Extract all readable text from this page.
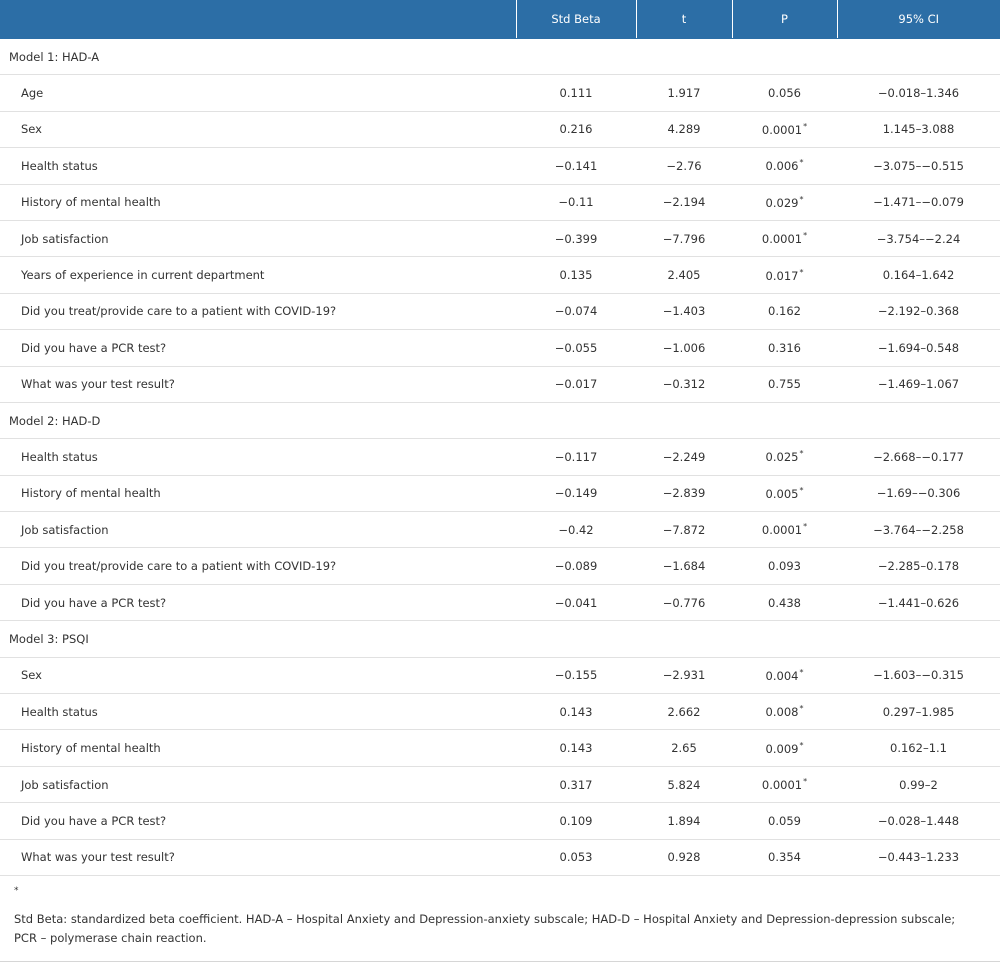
	Std Beta	t	P	95% CI
Model 1: HAD-A				
Age	0.111	1.917	0.056	−0.018–1.346
Sex	0.216	4.289	0.0001*	1.145–3.088
Health status	−0.141	−2.76	0.006*	−3.075–−0.515
History of mental health	−0.11	−2.194	0.029*	−1.471–−0.079
Job satisfaction	−0.399	−7.796	0.0001*	−3.754–−2.24
Years of experience in current department	0.135	2.405	0.017*	0.164–1.642
Did you treat/provide care to a patient with COVID-19?	−0.074	−1.403	0.162	−2.192–0.368
Did you have a PCR test?	−0.055	−1.006	0.316	−1.694–0.548
What was your test result?	−0.017	−0.312	0.755	−1.469–1.067
Model 2: HAD-D				
Health status	−0.117	−2.249	0.025*	−2.668–−0.177
History of mental health	−0.149	−2.839	0.005*	−1.69–−0.306
Job satisfaction	−0.42	−7.872	0.0001*	−3.764–−2.258
Did you treat/provide care to a patient with COVID-19?	−0.089	−1.684	0.093	−2.285–0.178
Did you have a PCR test?	−0.041	−0.776	0.438	−1.441–0.626
Model 3: PSQI				
Sex	−0.155	−2.931	0.004*	−1.603–−0.315
Health status	0.143	2.662	0.008*	0.297–1.985
History of mental health	0.143	2.65	0.009*	0.162–1.1
Job satisfaction	0.317	5.824	0.0001*	0.99–2
Did you have a PCR test?	0.109	1.894	0.059	−0.028–1.448
What was your test result?	0.053	0.928	0.354	−0.443–1.233
*
Std Beta: standardized beta coefficient. HAD-A – Hospital Anxiety and Depression-anxiety subscale; HAD-D – Hospital Anxiety and Depression-depression subscale; PCR – polymerase chain reaction.
